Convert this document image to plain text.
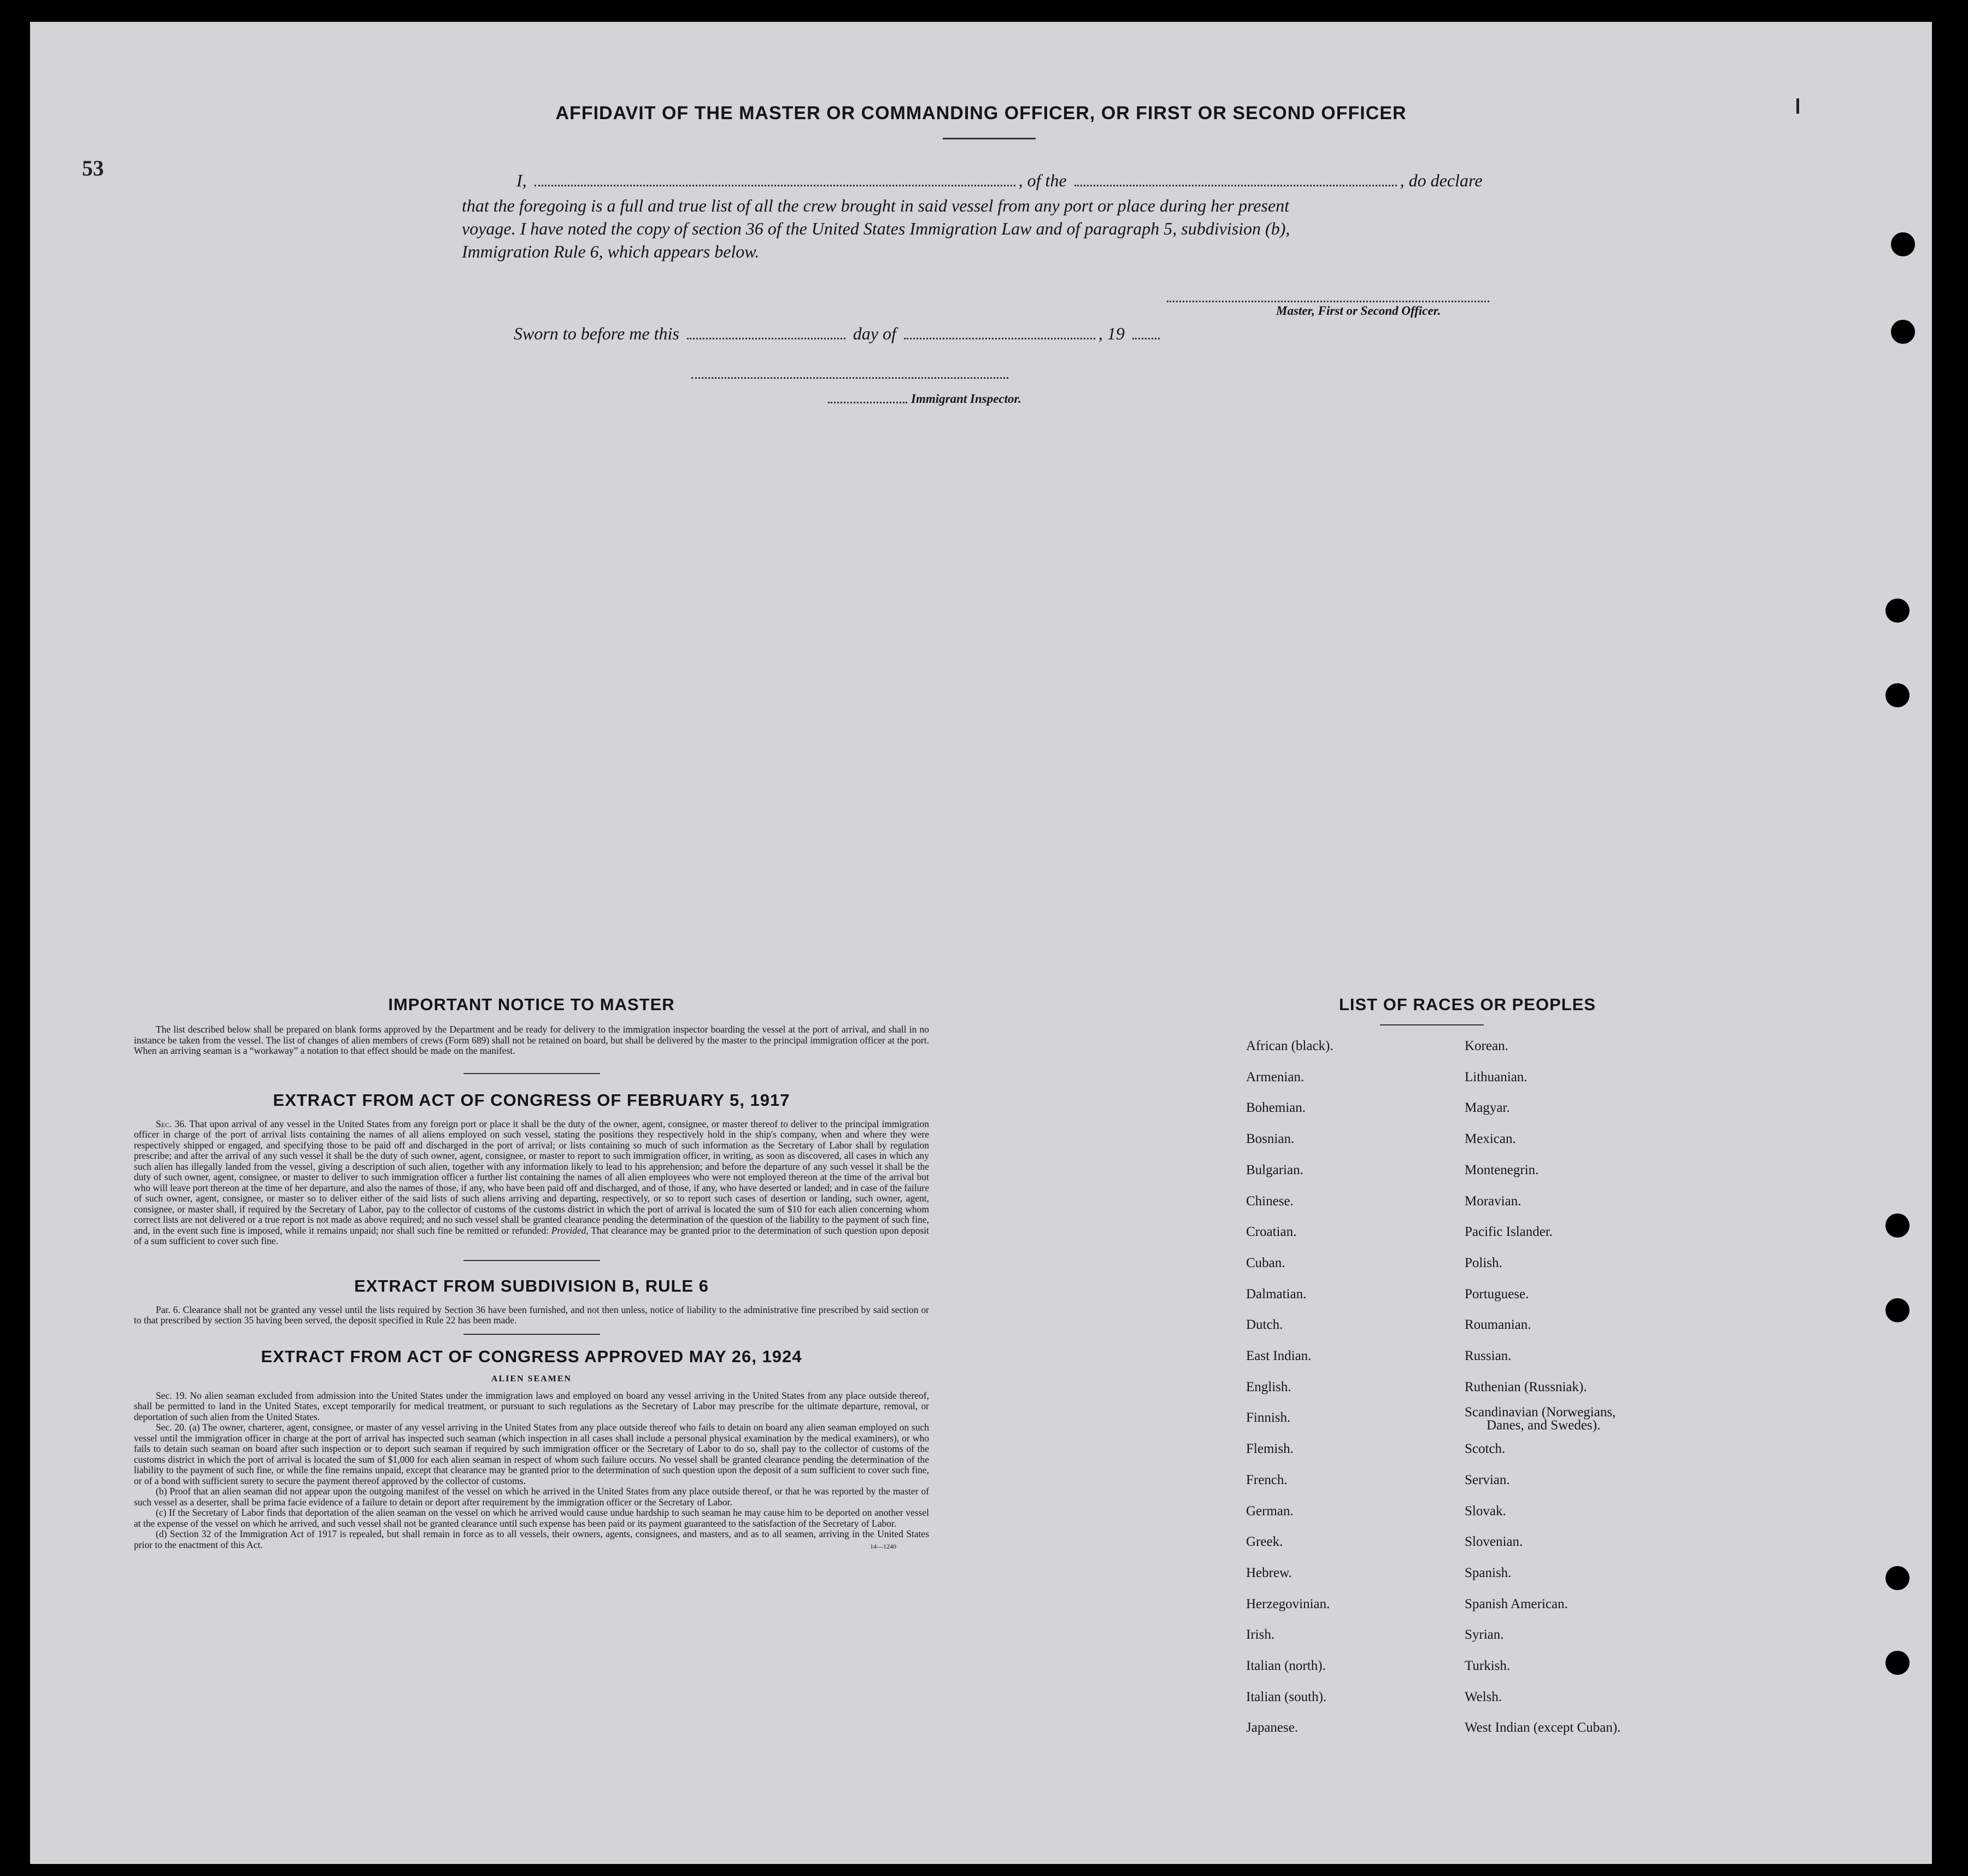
53
AFFIDAVIT OF THE MASTER OR COMMANDING OFFICER, OR FIRST OR SECOND OFFICER
I,	, of the	, do declare
that the foregoing is a full and true list of all the crew brought in said vessel from any port or place during her present
voyage. I have noted the copy of section 36 of the United States Immigration Law and of paragraph 5, subdivision (b),
Immigration Rule 6, which appears below.
Master, First or Second Officer.
Sworn to before me this	day of	, 19
Immigrant Inspector.
IMPORTANT NOTICE TO MASTER

The list described below shall be prepared on blank forms approved by the Department and be ready for delivery to the immigration inspector boarding the vessel at the port of arrival, and shall in no instance be taken from the vessel. The list of changes of alien members of crews (Form 689) shall not be retained on board, but shall be delivered by the master to the principal immigration officer at the port. When an arriving seaman is a “workaway” a notation to that effect should be made on the manifest.

EXTRACT FROM ACT OF CONGRESS OF FEBRUARY 5, 1917

Sec. 36. That upon arrival of any vessel in the United States from any foreign port or place it shall be the duty of the owner, agent, consignee, or master thereof to deliver to the principal immigration officer in charge of the port of arrival lists containing the names of all aliens employed on such vessel, stating the positions they respectively hold in the ship's company, when and where they were respectively shipped or engaged, and specifying those to be paid off and discharged in the port of arrival; or lists containing so much of such information as the Secretary of Labor shall by regulation prescribe; and after the arrival of any such vessel it shall be the duty of such owner, agent, consignee, or master to report to such immigration officer, in writing, as soon as discovered, all cases in which any such alien has illegally landed from the vessel, giving a description of such alien, together with any information likely to lead to his apprehension; and before the departure of any such vessel it shall be the duty of such owner, agent, consignee, or master to deliver to such immigration officer a further list containing the names of all alien employees who were not employed thereon at the time of the arrival but who will leave port thereon at the time of her departure, and also the names of those, if any, who have been paid off and discharged, and of those, if any, who have deserted or landed; and in case of the failure of such owner, agent, consignee, or master so to deliver either of the said lists of such aliens arriving and departing, respectively, or so to report such cases of desertion or landing, such owner, agent, consignee, or master shall, if required by the Secretary of Labor, pay to the collector of customs of the customs district in which the port of arrival is located the sum of $10 for each alien concerning whom correct lists are not delivered or a true report is not made as above required; and no such vessel shall be granted clearance pending the determination of the question of the liability to the payment of such fine, and, in the event such fine is imposed, while it remains unpaid; nor shall such fine be remitted or refunded: Provided, That clearance may be granted prior to the determination of such question upon deposit of a sum sufficient to cover such fine.

EXTRACT FROM SUBDIVISION B, RULE 6

Par. 6. Clearance shall not be granted any vessel until the lists required by Section 36 have been furnished, and not then unless, notice of liability to the administrative fine prescribed by said section or to that prescribed by section 35 having been served, the deposit specified in Rule 22 has been made.

EXTRACT FROM ACT OF CONGRESS APPROVED MAY 26, 1924
ALIEN SEAMEN

Sec. 19. No alien seaman excluded from admission into the United States under the immigration laws and employed on board any vessel arriving in the United States from any place outside thereof, shall be permitted to land in the United States, except temporarily for medical treatment, or pursuant to such regulations as the Secretary of Labor may prescribe for the ultimate departure, removal, or deportation of such alien from the United States.

Sec. 20. (a) The owner, charterer, agent, consignee, or master of any vessel arriving in the United States from any place outside thereof who fails to detain on board any alien seaman employed on such vessel until the immigration officer in charge at the port of arrival has inspected such seaman (which inspection in all cases shall include a personal physical examination by the medical examiners), or who fails to detain such seaman on board after such inspection or to deport such seaman if required by such immigration officer or the Secretary of Labor to do so, shall pay to the collector of customs of the customs district in which the port of arrival is located the sum of $1,000 for each alien seaman in respect of whom such failure occurs. No vessel shall be granted clearance pending the determination of the liability to the payment of such fine, or while the fine remains unpaid, except that clearance may be granted prior to the determination of such question upon the deposit of a sum sufficient to cover such fine, or of a bond with sufficient surety to secure the payment thereof approved by the collector of customs.

(b) Proof that an alien seaman did not appear upon the outgoing manifest of the vessel on which he arrived in the United States from any place outside thereof, or that he was reported by the master of such vessel as a deserter, shall be prima facie evidence of a failure to detain or deport after requirement by the immigration officer or the Secretary of Labor.

(c) If the Secretary of Labor finds that deportation of the alien seaman on the vessel on which he arrived would cause undue hardship to such seaman he may cause him to be deported on another vessel at the expense of the vessel on which he arrived, and such vessel shall not be granted clearance until such expense has been paid or its payment guaranteed to the satisfaction of the Secretary of Labor.

(d) Section 32 of the Immigration Act of 1917 is repealed, but shall remain in force as to all vessels, their owners, agents, consignees, and masters, and as to all seamen, arriving in the United States prior to the enactment of this Act.	14—1240
LIST OF RACES OR PEOPLES
African (black).
Armenian.
Bohemian.
Bosnian.
Bulgarian.
Chinese.
Croatian.
Cuban.
Dalmatian.
Dutch.
East Indian.
English.
Finnish.
Flemish.
French.
German.
Greek.
Hebrew.
Herzegovinian.
Irish.
Italian (north).
Italian (south).
Japanese.
Korean.
Lithuanian.
Magyar.
Mexican.
Montenegrin.
Moravian.
Pacific Islander.
Polish.
Portuguese.
Roumanian.
Russian.
Ruthenian (Russniak).
Scandinavian (Norwegians,
Danes, and Swedes).
Scotch.
Servian.
Slovak.
Slovenian.
Spanish.
Spanish American.
Syrian.
Turkish.
Welsh.
West Indian (except Cuban).
